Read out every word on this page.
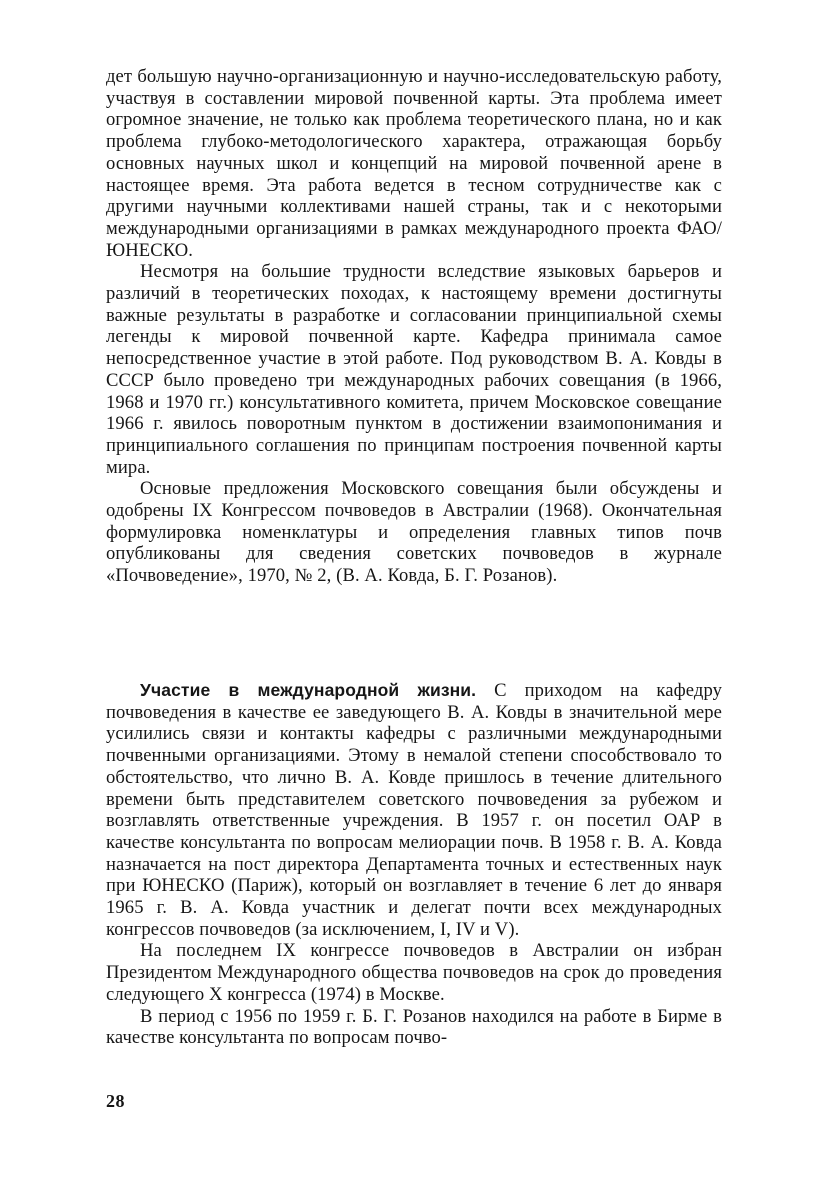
дет большую научно-организационную и научно-исследовательскую работу, участвуя в составлении мировой почвенной карты. Эта проблема имеет огромное значение, не только как проблема теоретического плана, но и как проблема глубоко-методологического характера, отражающая борьбу основных научных школ и концепций на мировой почвенной арене в настоящее время. Эта работа ведется в тесном сотрудничестве как с другими научными коллективами нашей страны, так и с некоторыми международными организациями в рамках международного проекта ФАО/ЮНЕСКО.

Несмотря на большие трудности вследствие языковых барьеров и различий в теоретических походах, к настоящему времени достигнуты важные результаты в разработке и согласовании принципиальной схемы легенды к мировой почвенной карте. Кафедра принимала самое непосредственное участие в этой работе. Под руководством В. А. Ковды в СССР было проведено три международных рабочих совещания (в 1966, 1968 и 1970 гг.) консультативного комитета, причем Московское совещание 1966 г. явилось поворотным пунктом в достижении взаимопонимания и принципиального соглашения по принципам построения почвенной карты мира.

Основые предложения Московского совещания были обсуждены и одобрены IX Конгрессом почвоведов в Австралии (1968). Окончательная формулировка номенклатуры и определения главных типов почв опубликованы для сведения советских почвоведов в журнале «Почвоведение», 1970, № 2, (В. А. Ковда, Б. Г. Розанов).

Участие в международной жизни. С приходом на кафедру почвоведения в качестве ее заведующего В. А. Ковды в значительной мере усилились связи и контакты кафедры с различными международными почвенными организациями. Этому в немалой степени способствовало то обстоятельство, что лично В. А. Ковде пришлось в течение длительного времени быть представителем советского почвоведения за рубежом и возглавлять ответственные учреждения. В 1957 г. он посетил ОАР в качестве консультанта по вопросам мелиорации почв. В 1958 г. В. А. Ковда назначается на пост директора Департамента точных и естественных наук при ЮНЕСКО (Париж), который он возглавляет в течение 6 лет до января 1965 г. В. А. Ковда участник и делегат почти всех международных конгрессов почвоведов (за исключением, I, IV и V).

На последнем IX конгрессе почвоведов в Австралии он избран Президентом Международного общества почвоведов на срок до проведения следующего X конгресса (1974) в Москве.

В период с 1956 по 1959 г. Б. Г. Розанов находился на работе в Бирме в качестве консультанта по вопросам почво-

28
